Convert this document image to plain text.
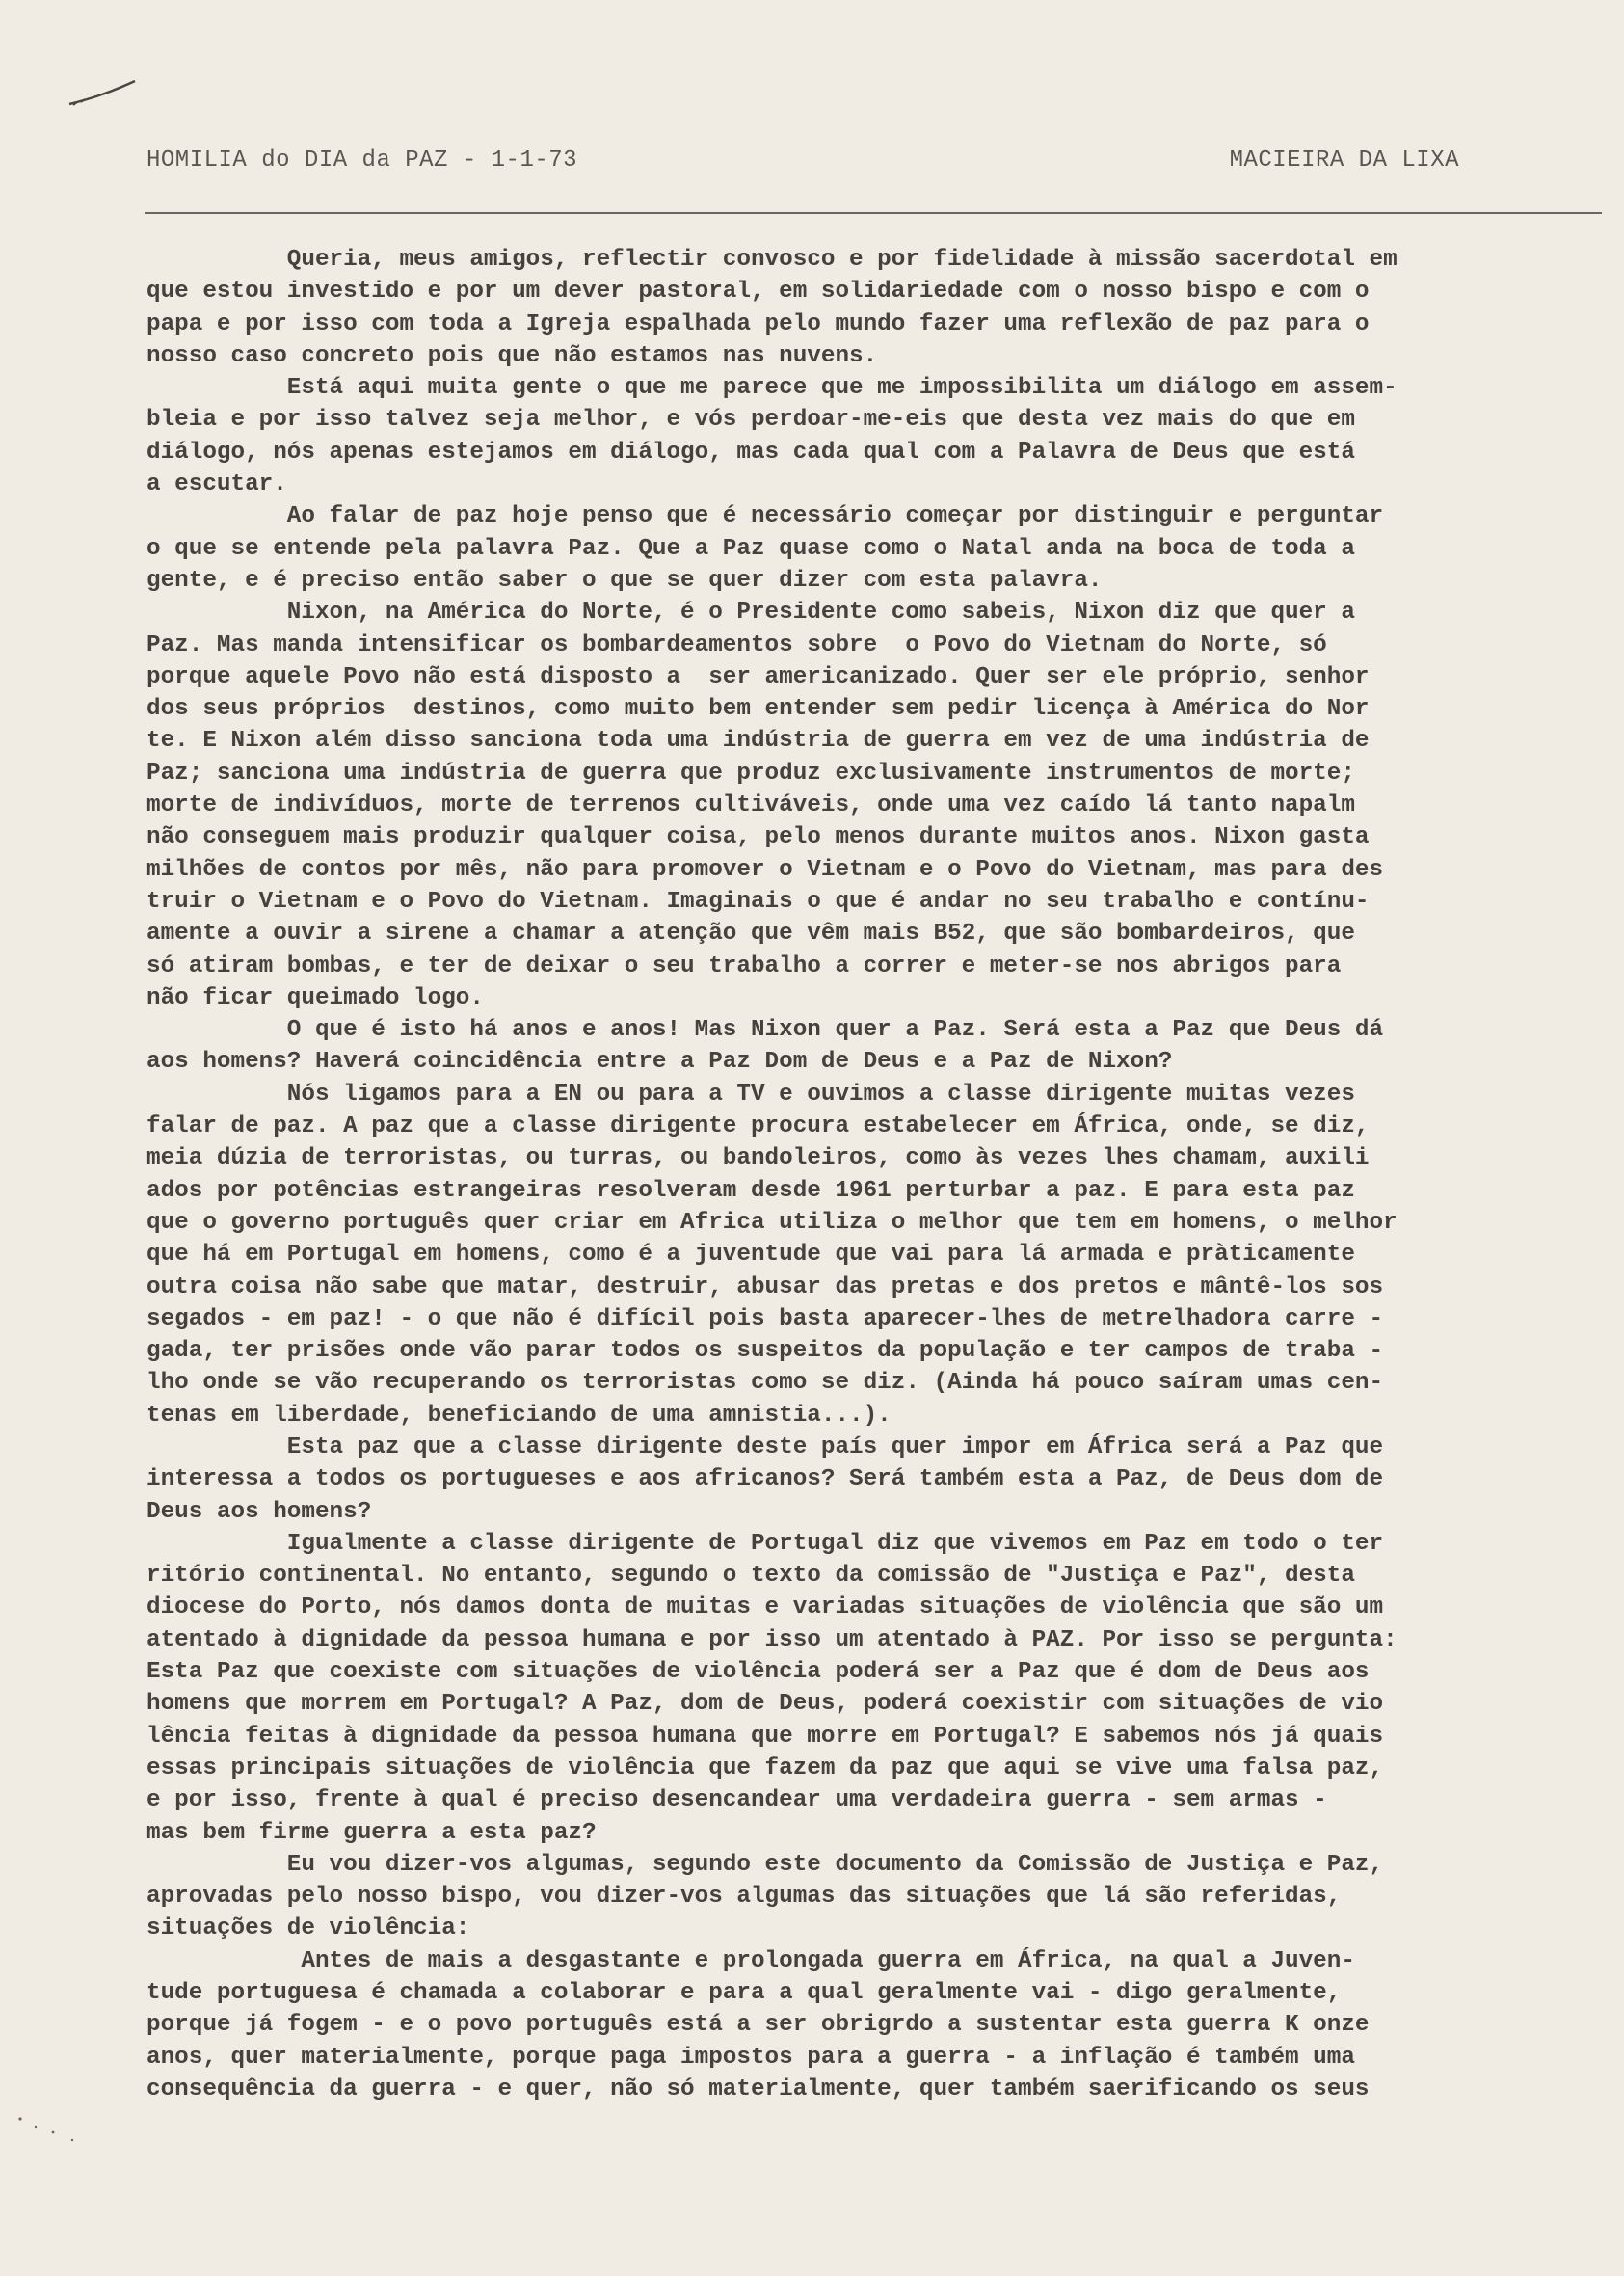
HOMILIA do DIA da PAZ - 1-1-73	MACIEIRA DA LIXA
Queria, meus amigos, reflectir convosco e por fidelidade à missão sacerdotal em
que estou investido e por um dever pastoral, em solidariedade com o nosso bispo e com o
papa e por isso com toda a Igreja espalhada pelo mundo fazer uma reflexão de paz para o
nosso caso concreto pois que não estamos nas nuvens.
Está aqui muita gente o que me parece que me impossibilita um diálogo em assem-
bleia e por isso talvez seja melhor, e vós perdoar-me-eis que desta vez mais do que em
diálogo, nós apenas estejamos em diálogo, mas cada qual com a Palavra de Deus que está
a escutar.
Ao falar de paz hoje penso que é necessário começar por distinguir e perguntar
o que se entende pela palavra Paz. Que a Paz quase como o Natal anda na boca de toda a
gente, e é preciso então saber o que se quer dizer com esta palavra.
Nixon, na América do Norte, é o Presidente como sabeis, Nixon diz que quer a
Paz. Mas manda intensificar os bombardeamentos sobre  o Povo do Vietnam do Norte, só
porque aquele Povo não está disposto a  ser americanizado. Quer ser ele próprio, senhor
dos seus próprios  destinos, como muito bem entender sem pedir licença à América do Nor
te. E Nixon além disso sanciona toda uma indústria de guerra em vez de uma indústria de
Paz; sanciona uma indústria de guerra que produz exclusivamente instrumentos de morte;
morte de indivíduos, morte de terrenos cultiváveis, onde uma vez caído lá tanto napalm
não conseguem mais produzir qualquer coisa, pelo menos durante muitos anos. Nixon gasta
milhões de contos por mês, não para promover o Vietnam e o Povo do Vietnam, mas para des
truir o Vietnam e o Povo do Vietnam. Imaginais o que é andar no seu trabalho e contínu-
amente a ouvir a sirene a chamar a atenção que vêm mais B52, que são bombardeiros, que
só atiram bombas, e ter de deixar o seu trabalho a correr e meter-se nos abrigos para
não ficar queimado logo.
O que é isto há anos e anos! Mas Nixon quer a Paz. Será esta a Paz que Deus dá
aos homens? Haverá coincidência entre a Paz Dom de Deus e a Paz de Nixon?
Nós ligamos para a EN ou para a TV e ouvimos a classe dirigente muitas vezes
falar de paz. A paz que a classe dirigente procura estabelecer em África, onde, se diz,
meia dúzia de terroristas, ou turras, ou bandoleiros, como às vezes lhes chamam, auxili
ados por potências estrangeiras resolveram desde 1961 perturbar a paz. E para esta paz
que o governo português quer criar em Africa utiliza o melhor que tem em homens, o melhor
que há em Portugal em homens, como é a juventude que vai para lá armada e pràticamente
outra coisa não sabe que matar, destruir, abusar das pretas e dos pretos e mântê-los sos
segados - em paz! - o que não é difícil pois basta aparecer-lhes de metrelhadora carre -
gada, ter prisões onde vão parar todos os suspeitos da população e ter campos de traba -
lho onde se vão recuperando os terroristas como se diz. (Ainda há pouco saíram umas cen-
tenas em liberdade, beneficiando de uma amnistia...).
Esta paz que a classe dirigente deste país quer impor em África será a Paz que
interessa a todos os portugueses e aos africanos? Será também esta a Paz, de Deus dom de
Deus aos homens?
Igualmente a classe dirigente de Portugal diz que vivemos em Paz em todo o ter
ritório continental. No entanto, segundo o texto da comissão de "Justiça e Paz", desta
diocese do Porto, nós damos donta de muitas e variadas situações de violência que são um
atentado à dignidade da pessoa humana e por isso um atentado à PAZ. Por isso se pergunta:
Esta Paz que coexiste com situações de violência poderá ser a Paz que é dom de Deus aos
homens que morrem em Portugal? A Paz, dom de Deus, poderá coexistir com situações de vio
lência feitas à dignidade da pessoa humana que morre em Portugal? E sabemos nós já quais
essas principais situações de violência que fazem da paz que aqui se vive uma falsa paz,
e por isso, frente à qual é preciso desencandear uma verdadeira guerra - sem armas -
mas bem firme guerra a esta paz?
Eu vou dizer-vos algumas, segundo este documento da Comissão de Justiça e Paz,
aprovadas pelo nosso bispo, vou dizer-vos algumas das situações que lá são referidas,
situações de violência:
Antes de mais a desgastante e prolongada guerra em África, na qual a Juven-
tude portuguesa é chamada a colaborar e para a qual geralmente vai - digo geralmente,
porque já fogem - e o povo português está a ser obrigrdo a sustentar esta guerra K onze
anos, quer materialmente, porque paga impostos para a guerra - a inflação é também uma
consequência da guerra - e quer, não só materialmente, quer também saerificando os seus
